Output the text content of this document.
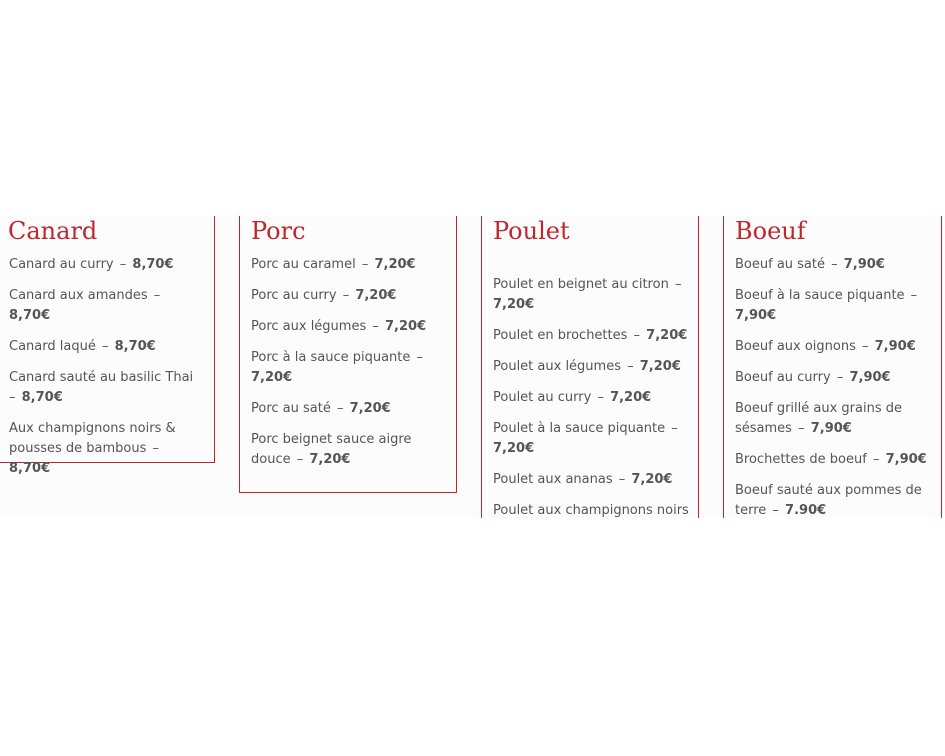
Canard
Canard au curry – 8,70€
Canard aux amandes – 8,70€
Canard laqué – 8,70€
Canard sauté au basilic Thai – 8,70€
Aux champignons noirs & pousses de bambous – 8,70€
Porc
Porc au caramel – 7,20€
Porc au curry – 7,20€
Porc aux légumes – 7,20€
Porc à la sauce piquante – 7,20€
Porc au saté – 7,20€
Porc beignet sauce aigre douce – 7,20€
Poulet
Poulet en beignet au citron – 7,20€
Poulet en brochettes – 7,20€
Poulet aux légumes – 7,20€
Poulet au curry – 7,20€
Poulet à la sauce piquante – 7,20€
Poulet aux ananas – 7,20€
Poulet aux champignons noirs
Boeuf
Boeuf au saté – 7,90€
Boeuf à la sauce piquante – 7,90€
Boeuf aux oignons – 7,90€
Boeuf au curry – 7,90€
Boeuf grillé aux grains de sésames – 7,90€
Brochettes de boeuf – 7,90€
Boeuf sauté aux pommes de terre – 7.90€
